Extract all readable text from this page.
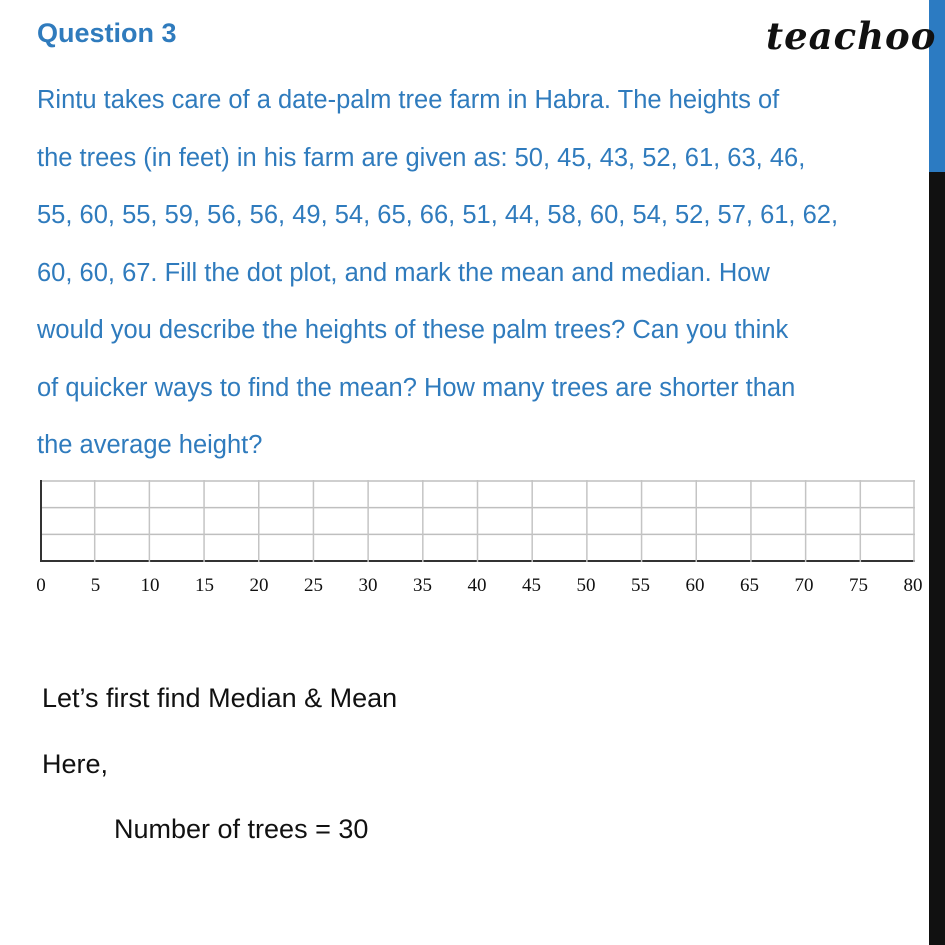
Question 3	teachoo
Rintu takes care of a date-palm tree farm in Habra. The heights of
the trees (in feet) in his farm are given as: 50, 45, 43, 52, 61, 63, 46,
55, 60, 55, 59, 56, 56, 49, 54, 65, 66, 51, 44, 58, 60, 54, 52, 57, 61, 62,
60, 60, 67. Fill the dot plot, and mark the mean and median. How
would you describe the heights of these palm trees? Can you think
of quicker ways to find the mean? How many trees are shorter than
the average height?
0 5 10 15 20 25 30 35 40 45 50 55 60 65 70 75 80
Let’s first find Median & Mean
Here,
Number of trees = 30
